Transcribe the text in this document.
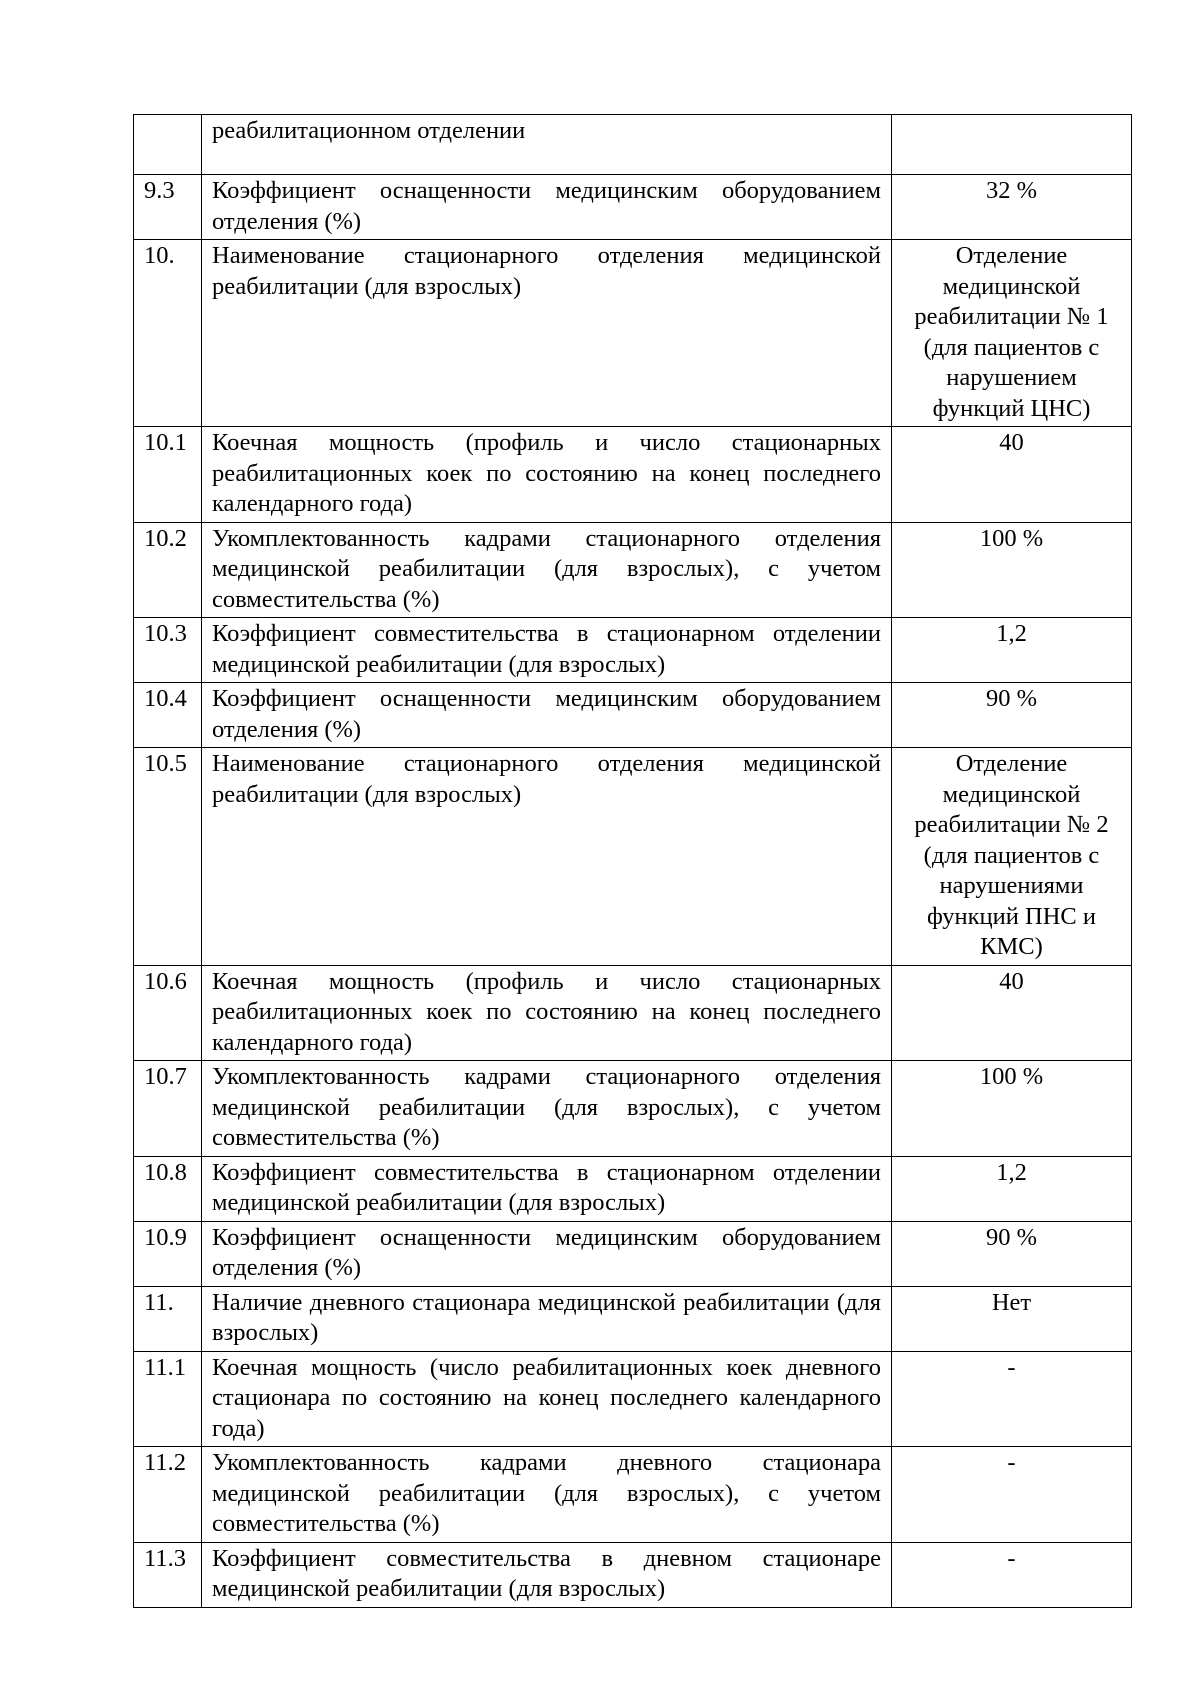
	реабилитационном отделении	
9.3	Коэффициент оснащенности медицинским оборудованием отделения (%)	32 %
10.	Наименование стационарного отделения медицинской реабилитации (для взрослых)	Отделение медицинской реабилитации № 1 (для пациентов с нарушением функций ЦНС)
10.1	Коечная мощность (профиль и число стационарных реабилитационных коек по состоянию на конец последнего календарного года)	40
10.2	Укомплектованность кадрами стационарного отделения медицинской реабилитации (для взрослых), с учетом совместительства (%)	100 %
10.3	Коэффициент совместительства в стационарном отделении медицинской реабилитации (для взрослых)	1,2
10.4	Коэффициент оснащенности медицинским оборудованием отделения (%)	90 %
10.5	Наименование стационарного отделения медицинской реабилитации (для взрослых)	Отделение медицинской реабилитации № 2 (для пациентов с нарушениями функций ПНС и КМС)
10.6	Коечная мощность (профиль и число стационарных реабилитационных коек по состоянию на конец последнего календарного года)	40
10.7	Укомплектованность кадрами стационарного отделения медицинской реабилитации (для взрослых), с учетом совместительства (%)	100 %
10.8	Коэффициент совместительства в стационарном отделении медицинской реабилитации (для взрослых)	1,2
10.9	Коэффициент оснащенности медицинским оборудованием отделения (%)	90 %
11.	Наличие дневного стационара медицинской реабилитации (для взрослых)	Нет
11.1	Коечная мощность (число реабилитационных коек дневного стационара по состоянию на конец последнего календарного года)	-
11.2	Укомплектованность кадрами дневного стационара медицинской реабилитации (для взрослых), с учетом совместительства (%)	-
11.3	Коэффициент совместительства в дневном стационаре медицинской реабилитации (для взрослых)	-
